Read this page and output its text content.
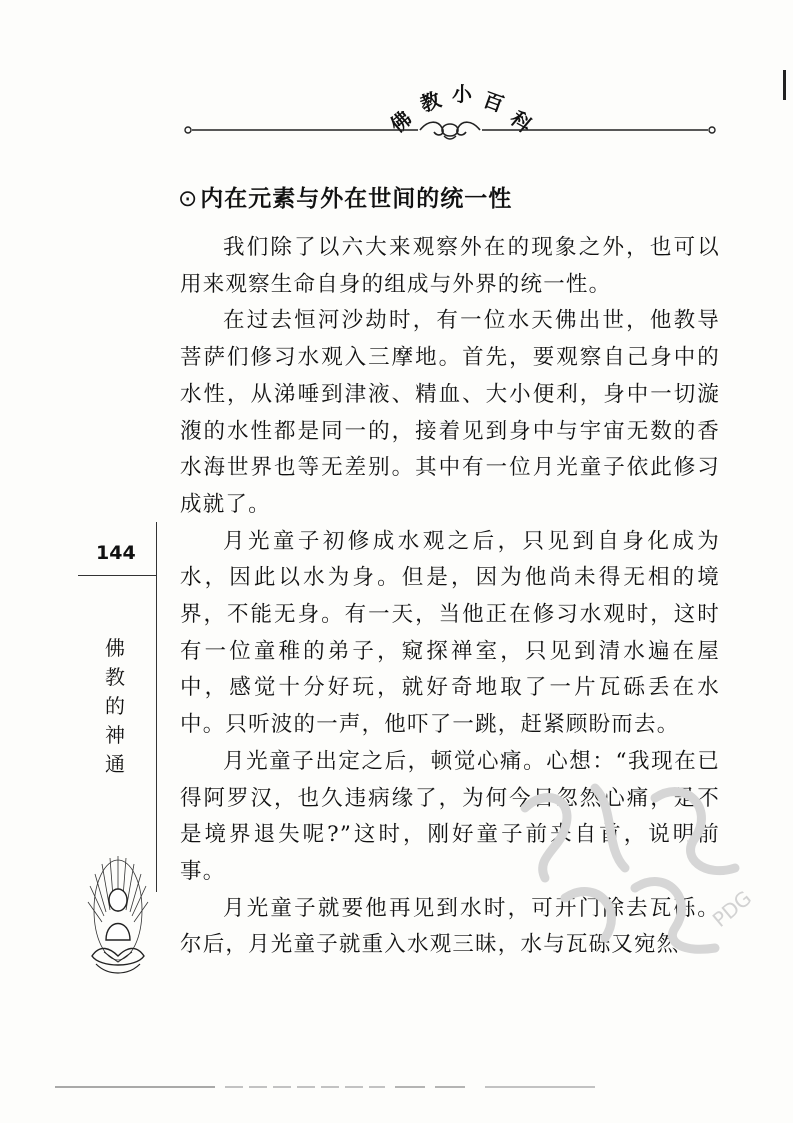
佛
教 小 百
科
⊙内在元素与外在世间的统一性

我们除了以六大来观察外在的现象之外，也可以用来观察生命自身的组成与外界的统一性。

在过去恒河沙劫时，有一位水天佛出世，他教导菩萨们修习水观入三摩地。首先，要观察自己身中的水性，从涕唾到津液、精血、大小便利，身中一切漩澓的水性都是同一的，接着见到身中与宇宙无数的香水海世界也等无差别。其中有一位月光童子依此修习成就了。

月光童子初修成水观之后，只见到自身化成为水，因此以水为身。但是，因为他尚未得无相的境界，不能无身。有一天，当他正在修习水观时，这时有一位童稚的弟子，窥探禅室，只见到清水遍在屋中，感觉十分好玩，就好奇地取了一片瓦砾丢在水中。只听波的一声，他吓了一跳，赶紧顾盼而去。

月光童子出定之后，顿觉心痛。心想：“我现在已得阿罗汉，也久违病缘了，为何今日忽然心痛，是不是境界退失呢?”这时，刚好童子前来自首，说明前事。

月光童子就要他再见到水时，可开门除去瓦砾。尔后，月光童子就重入水观三昧，水与瓦砾又宛然

144
佛
教
的
神
通
PDG
